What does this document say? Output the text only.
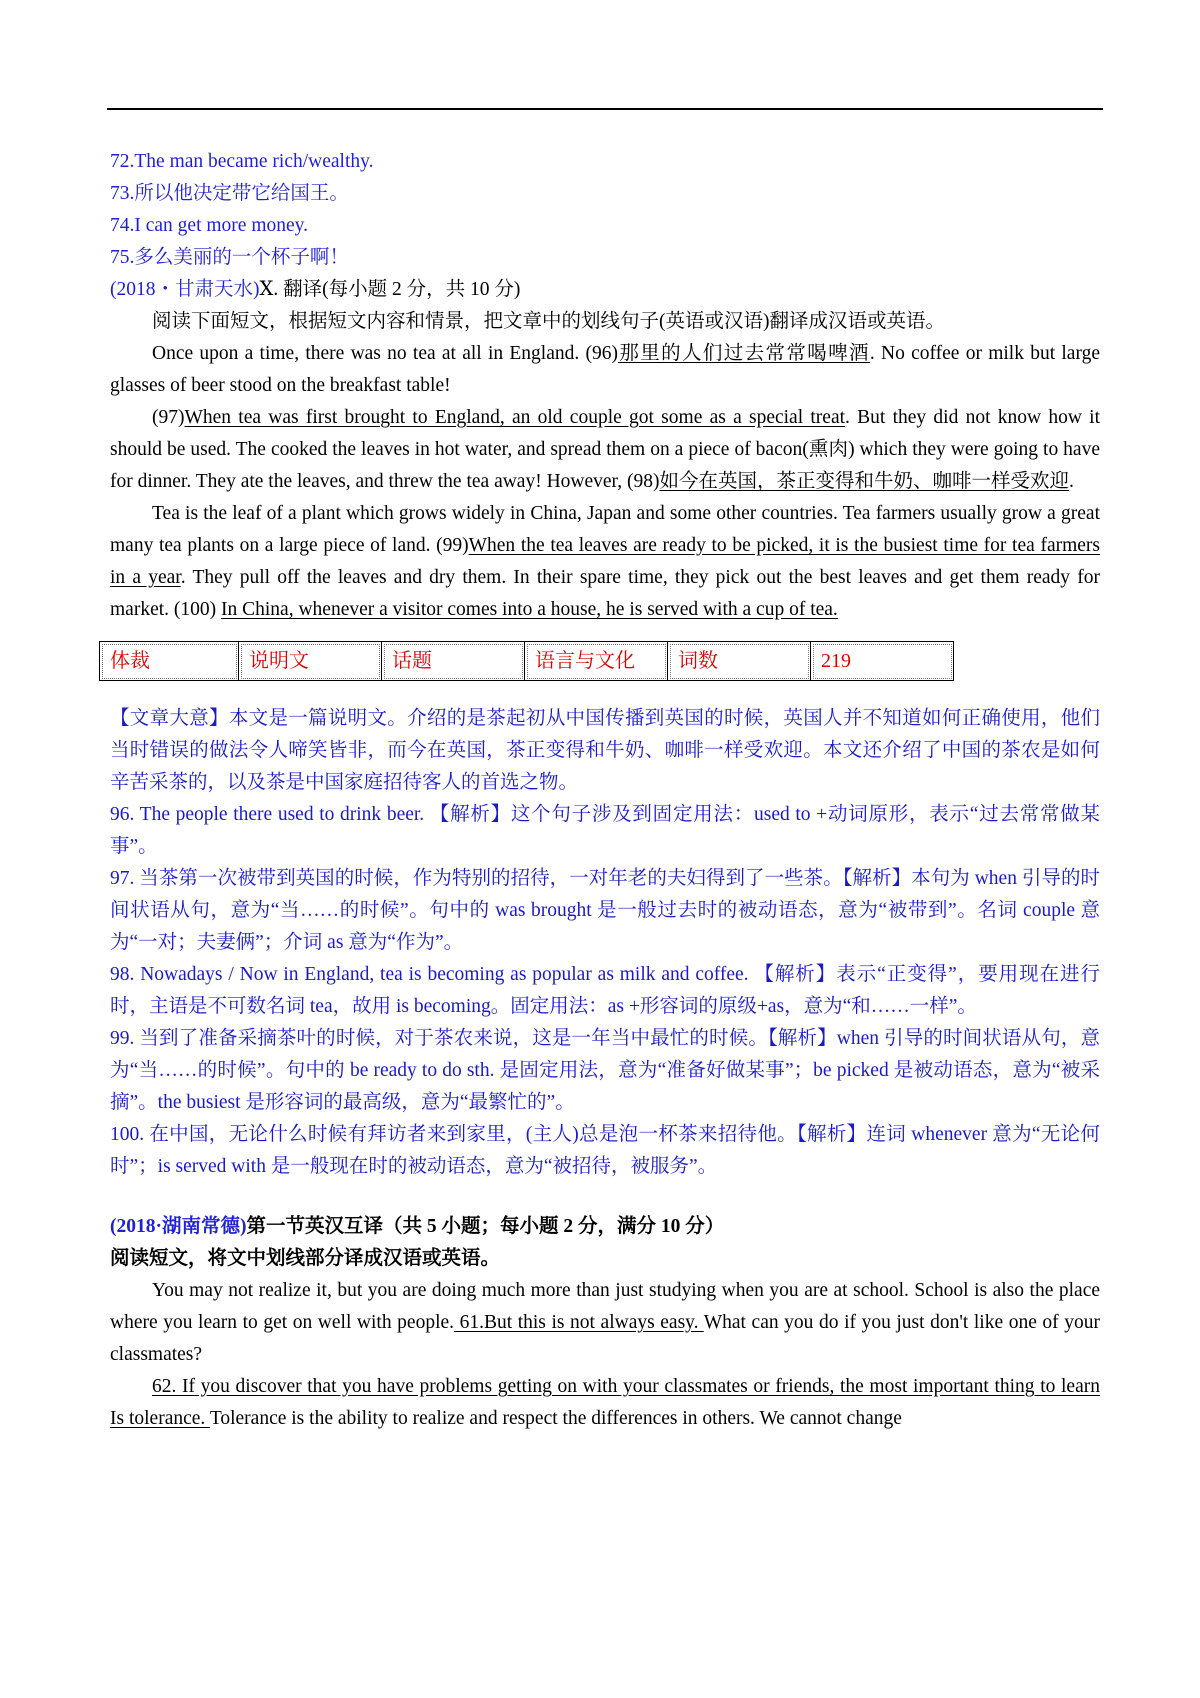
72.The man became rich/wealthy.

73.所以他决定带它给国王。

74.I can get more money.

75.多么美丽的一个杯子啊！

(2018・甘肃天水)Ⅹ. 翻译(每小题 2 分，共 10 分)

阅读下面短文，根据短文内容和情景，把文章中的划线句子(英语或汉语)翻译成汉语或英语。

Once upon a time, there was no tea at all in England. (96)那里的人们过去常常喝啤酒. No coffee or milk but large glasses of beer stood on the breakfast table!

(97)When tea was first brought to England, an old couple got some as a special treat. But they did not know how it should be used. The cooked the leaves in hot water, and spread them on a piece of bacon(熏肉) which they were going to have for dinner. They ate the leaves, and threw the tea away! However, (98)如今在英国，茶正变得和牛奶、咖啡一样受欢迎.

Tea is the leaf of a plant which grows widely in China, Japan and some other countries. Tea farmers usually grow a great many tea plants on a large piece of land. (99)When the tea leaves are ready to be picked, it is the busiest time for tea farmers in a year. They pull off the leaves and dry them. In their spare time, they pick out the best leaves and get them ready for market. (100) In China, whenever a visitor comes into a house, he is served with a cup of tea.

体裁	说明文	话题	语言与文化	词数	219

【文章大意】本文是一篇说明文。介绍的是茶起初从中国传播到英国的时候，英国人并不知道如何正确使用，他们当时错误的做法令人啼笑皆非，而今在英国，茶正变得和牛奶、咖啡一样受欢迎。本文还介绍了中国的茶农是如何辛苦采茶的，以及茶是中国家庭招待客人的首选之物。

96. The people there used to drink beer. 【解析】这个句子涉及到固定用法：used to +动词原形，表示“过去常常做某事”。

97. 当茶第一次被带到英国的时候，作为特别的招待，一对年老的夫妇得到了一些茶。【解析】本句为 when 引导的时间状语从句，意为“当……的时候”。句中的 was brought 是一般过去时的被动语态，意为“被带到”。名词 couple 意为“一对；夫妻俩”；介词 as 意为“作为”。

98. Nowadays / Now in England, tea is becoming as popular as milk and coffee. 【解析】表示“正变得”，要用现在进行时，主语是不可数名词 tea，故用 is becoming。固定用法：as +形容词的原级+as，意为“和……一样”。

99. 当到了准备采摘茶叶的时候，对于茶农来说，这是一年当中最忙的时候。【解析】when 引导的时间状语从句，意为“当……的时候”。句中的 be ready to do sth. 是固定用法，意为“准备好做某事”；be picked 是被动语态，意为“被采摘”。the busiest 是形容词的最高级，意为“最繁忙的”。

100. 在中国，无论什么时候有拜访者来到家里，(主人)总是泡一杯茶来招待他。【解析】连词 whenever 意为“无论何时”；is served with 是一般现在时的被动语态，意为“被招待，被服务”。

(2018·湖南常德)第一节英汉互译（共 5 小题；每小题 2 分，满分 10 分）

阅读短文，将文中划线部分译成汉语或英语。

You may not realize it, but you are doing much more than just studying when you are at school. School is also the place where you learn to get on well with people. 61.But this is not always easy. What can you do if you just don't like one of your classmates?

62. If you discover that you have problems getting on with your classmates or friends, the most important thing to learn Is tolerance. Tolerance is the ability to realize and respect the differences in others. We cannot change
